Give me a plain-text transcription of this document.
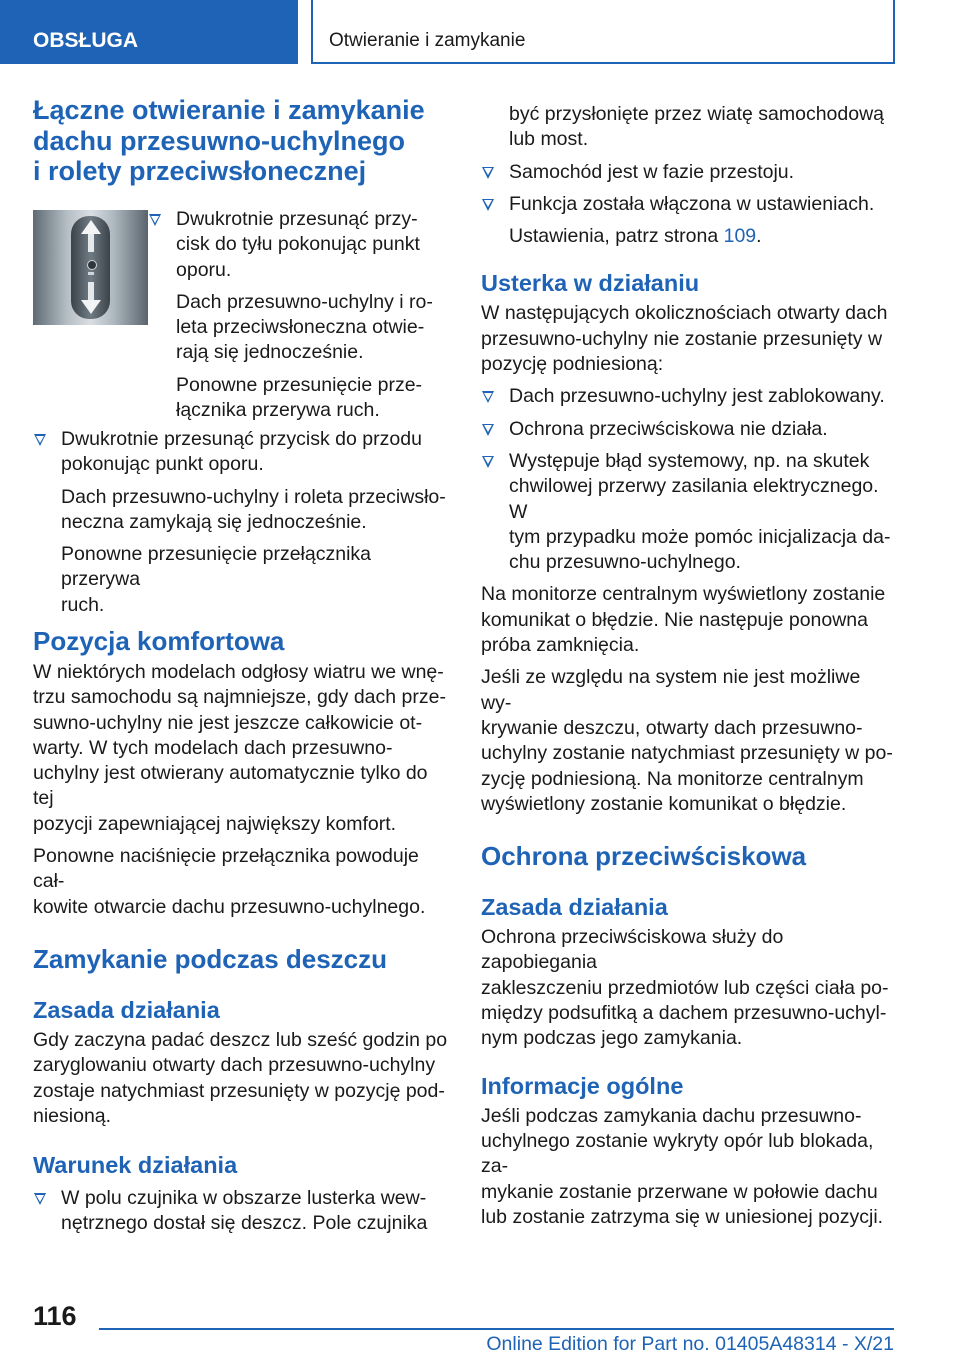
OBSŁUGA	Otwieranie i zamykanie
Łączne otwieranie i zamykanie
dachu przesuwno-uchylnego
i rolety przeciwsłonecznej

Dwukrotnie przesunąć przy-
cisk do tyłu pokonując punkt
oporu.

Dach przesuwno-uchylny i ro-
leta przeciwsłoneczna otwie-
rają się jednocześnie.

Ponowne przesunięcie prze-
łącznika przerywa ruch.

Dwukrotnie przesunąć przycisk do przodu
pokonując punkt oporu.

Dach przesuwno-uchylny i roleta przeciwsło-
neczna zamykają się jednocześnie.

Ponowne przesunięcie przełącznika przerywa
ruch.

Pozycja komfortowa

W niektórych modelach odgłosy wiatru we wnę-
trzu samochodu są najmniejsze, gdy dach prze-
suwno-uchylny nie jest jeszcze całkowicie ot-
warty. W tych modelach dach przesuwno-
uchylny jest otwierany automatycznie tylko do tej
pozycji zapewniającej największy komfort.

Ponowne naciśnięcie przełącznika powoduje cał-
kowite otwarcie dachu przesuwno-uchylnego.

Zamykanie podczas deszczu
Zasada działania

Gdy zaczyna padać deszcz lub sześć godzin po
zaryglowaniu otwarty dach przesuwno-uchylny
zostaje natychmiast przesunięty w pozycję pod-
niesioną.

Warunek działania

W polu czujnika w obszarze lusterka wew-
nętrznego dostał się deszcz. Pole czujnika

być przysłonięte przez wiatę samochodową
lub most.

Samochód jest w fazie przestoju.

Funkcja została włączona w ustawieniach.

Ustawienia, patrz strona 109.

Usterka w działaniu

W następujących okolicznościach otwarty dach
przesuwno-uchylny nie zostanie przesunięty w
pozycję podniesioną:

Dach przesuwno-uchylny jest zablokowany.

Ochrona przeciwściskowa nie działa.

Występuje błąd systemowy, np. na skutek
chwilowej przerwy zasilania elektrycznego. W
tym przypadku może pomóc inicjalizacja da-
chu przesuwno-uchylnego.

Na monitorze centralnym wyświetlony zostanie
komunikat o błędzie. Nie następuje ponowna
próba zamknięcia.

Jeśli ze względu na system nie jest możliwe wy-
krywanie deszczu, otwarty dach przesuwno-
uchylny zostanie natychmiast przesunięty w po-
zycję podniesioną. Na monitorze centralnym
wyświetlony zostanie komunikat o błędzie.

Ochrona przeciwściskowa
Zasada działania

Ochrona przeciwściskowa służy do zapobiegania
zakleszczeniu przedmiotów lub części ciała po-
między podsufitką a dachem przesuwno-uchyl-
nym podczas jego zamykania.

Informacje ogólne

Jeśli podczas zamykania dachu przesuwno-
uchylnego zostanie wykryty opór lub blokada, za-
mykanie zostanie przerwane w połowie dachu
lub zostanie zatrzyma się w uniesionej pozycji.

116
Online Edition for Part no. 01405A48314 - X/21
